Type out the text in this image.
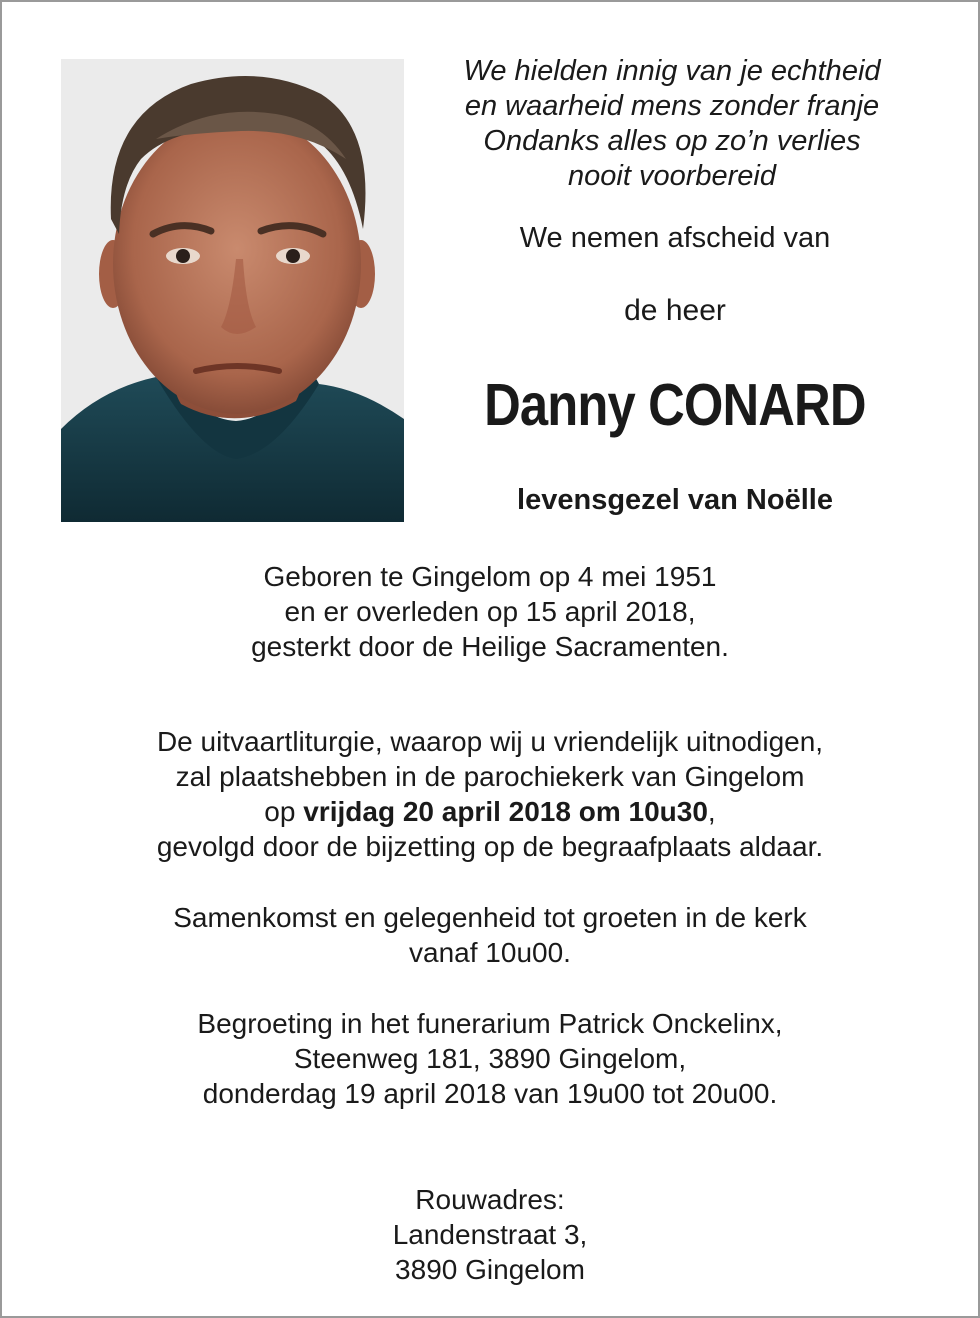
We hielden innig van je echtheid
en waarheid mens zonder franje
Ondanks alles op zo’n verlies
nooit voorbereid
We nemen afscheid van
de heer
Danny CONARD
levensgezel van Noëlle
Geboren te Gingelom op 4 mei 1951
en er overleden op 15 april 2018,
gesterkt door de Heilige Sacramenten.
De uitvaartliturgie, waarop wij u vriendelijk uitnodigen,
zal plaatshebben in de parochiekerk van Gingelom
op vrijdag 20 april 2018 om 10u30,
gevolgd door de bijzetting op de begraafplaats aldaar.
Samenkomst en gelegenheid tot groeten in de kerk
vanaf 10u00.
Begroeting in het funerarium Patrick Onckelinx,
Steenweg 181, 3890 Gingelom,
donderdag 19 april 2018 van 19u00 tot 20u00.
Rouwadres:
Landenstraat 3,
3890 Gingelom
